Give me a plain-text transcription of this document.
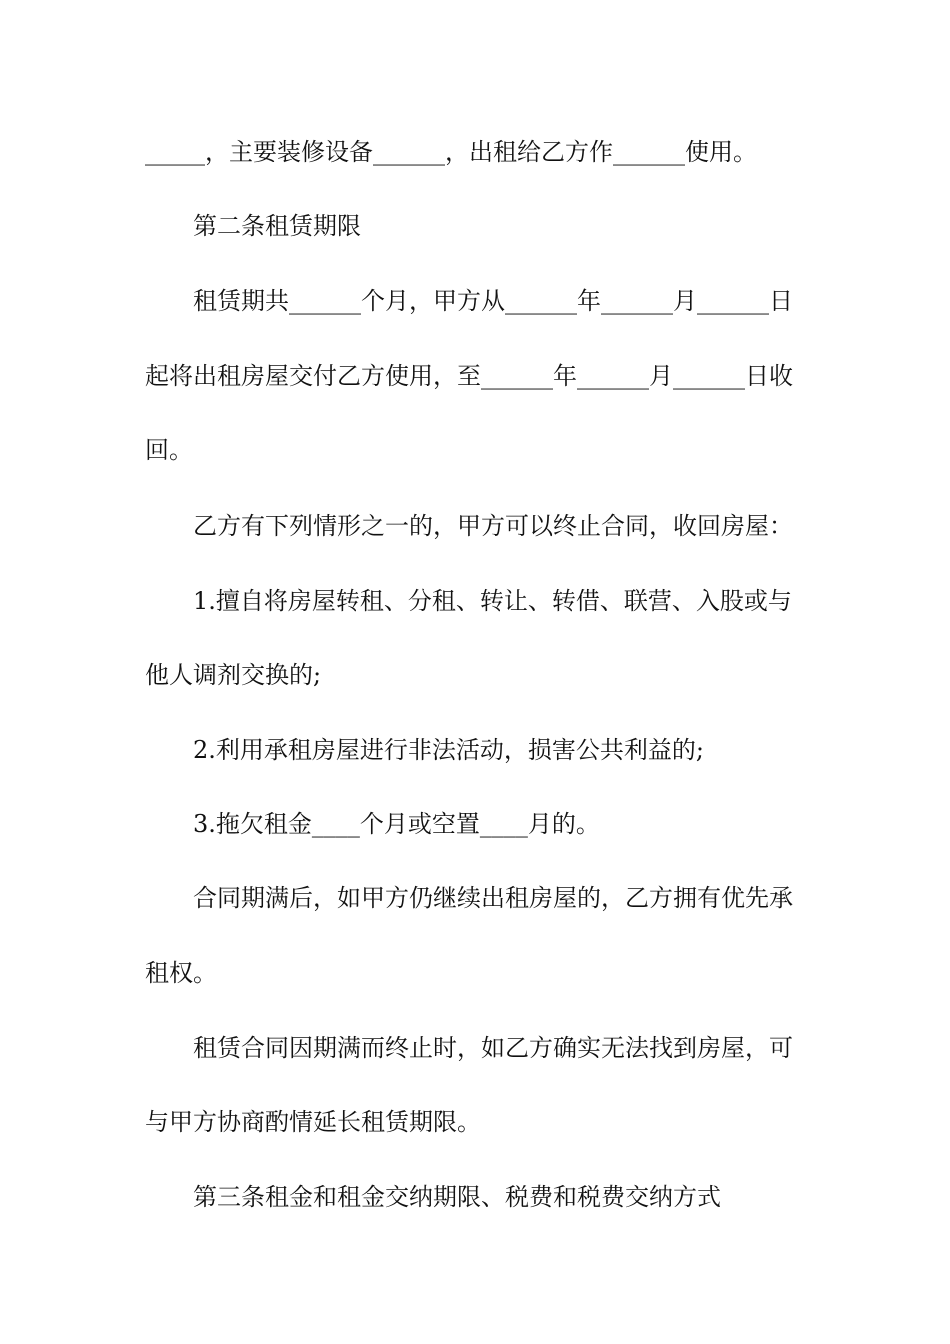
_____，主要装修设备______，出租给乙方作______使用。
第二条租赁期限
租赁期共______个月，甲方从______年______月______日
起将出租房屋交付乙方使用，至______年______月______日收
回。
乙方有下列情形之一的，甲方可以终止合同，收回房屋：
1.擅自将房屋转租、分租、转让、转借、联营、入股或与
他人调剂交换的;
2.利用承租房屋进行非法活动，损害公共利益的;
3.拖欠租金____个月或空置____月的。
合同期满后，如甲方仍继续出租房屋的，乙方拥有优先承
租权。
租赁合同因期满而终止时，如乙方确实无法找到房屋，可
与甲方协商酌情延长租赁期限。
第三条租金和租金交纳期限、税费和税费交纳方式
